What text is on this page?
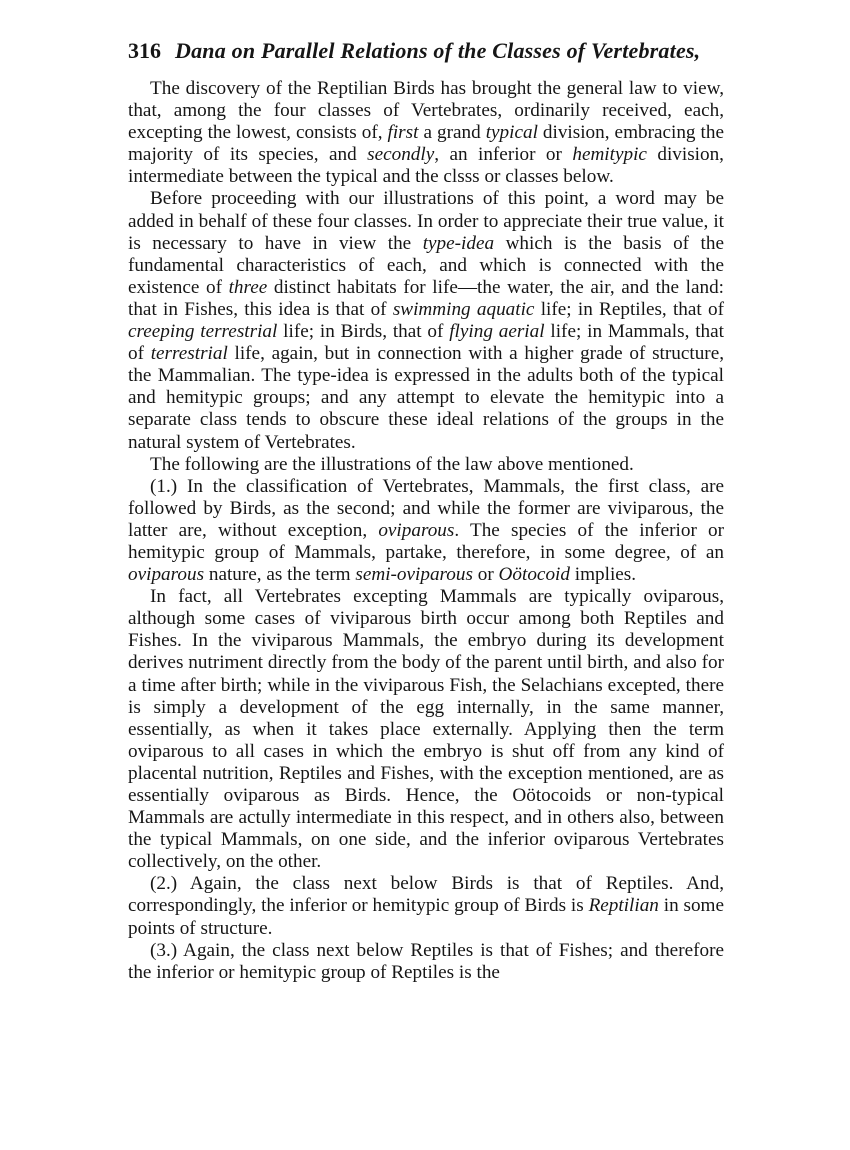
316 Dana on Parallel Relations of the Classes of Vertebrates,

The discovery of the Reptilian Birds has brought the general law to view, that, among the four classes of Vertebrates, ordinarily received, each, excepting the lowest, consists of, first a grand typical division, embracing the majority of its species, and secondly, an inferior or hemitypic division, intermediate between the typical and the clsss or classes below.

Before proceeding with our illustrations of this point, a word may be added in behalf of these four classes. In order to appreciate their true value, it is necessary to have in view the type-idea which is the basis of the fundamental characteristics of each, and which is connected with the existence of three distinct habitats for life—the water, the air, and the land: that in Fishes, this idea is that of swimming aquatic life; in Reptiles, that of creeping terrestrial life; in Birds, that of flying aerial life; in Mammals, that of terrestrial life, again, but in connection with a higher grade of structure, the Mammalian. The type-idea is expressed in the adults both of the typical and hemitypic groups; and any attempt to elevate the hemitypic into a separate class tends to obscure these ideal relations of the groups in the natural system of Vertebrates.

The following are the illustrations of the law above mentioned.

(1.) In the classification of Vertebrates, Mammals, the first class, are followed by Birds, as the second; and while the former are viviparous, the latter are, without exception, oviparous. The species of the inferior or hemitypic group of Mammals, partake, therefore, in some degree, of an oviparous nature, as the term semi-oviparous or Oötocoid implies.

In fact, all Vertebrates excepting Mammals are typically oviparous, although some cases of viviparous birth occur among both Reptiles and Fishes. In the viviparous Mammals, the embryo during its development derives nutriment directly from the body of the parent until birth, and also for a time after birth; while in the viviparous Fish, the Selachians excepted, there is simply a development of the egg internally, in the same manner, essentially, as when it takes place externally. Applying then the term oviparous to all cases in which the embryo is shut off from any kind of placental nutrition, Reptiles and Fishes, with the exception mentioned, are as essentially oviparous as Birds. Hence, the Oötocoids or non-typical Mammals are actully intermediate in this respect, and in others also, between the typical Mammals, on one side, and the inferior oviparous Vertebrates collectively, on the other.

(2.) Again, the class next below Birds is that of Reptiles. And, correspondingly, the inferior or hemitypic group of Birds is Reptilian in some points of structure.

(3.) Again, the class next below Reptiles is that of Fishes; and therefore the inferior or hemitypic group of Reptiles is the
